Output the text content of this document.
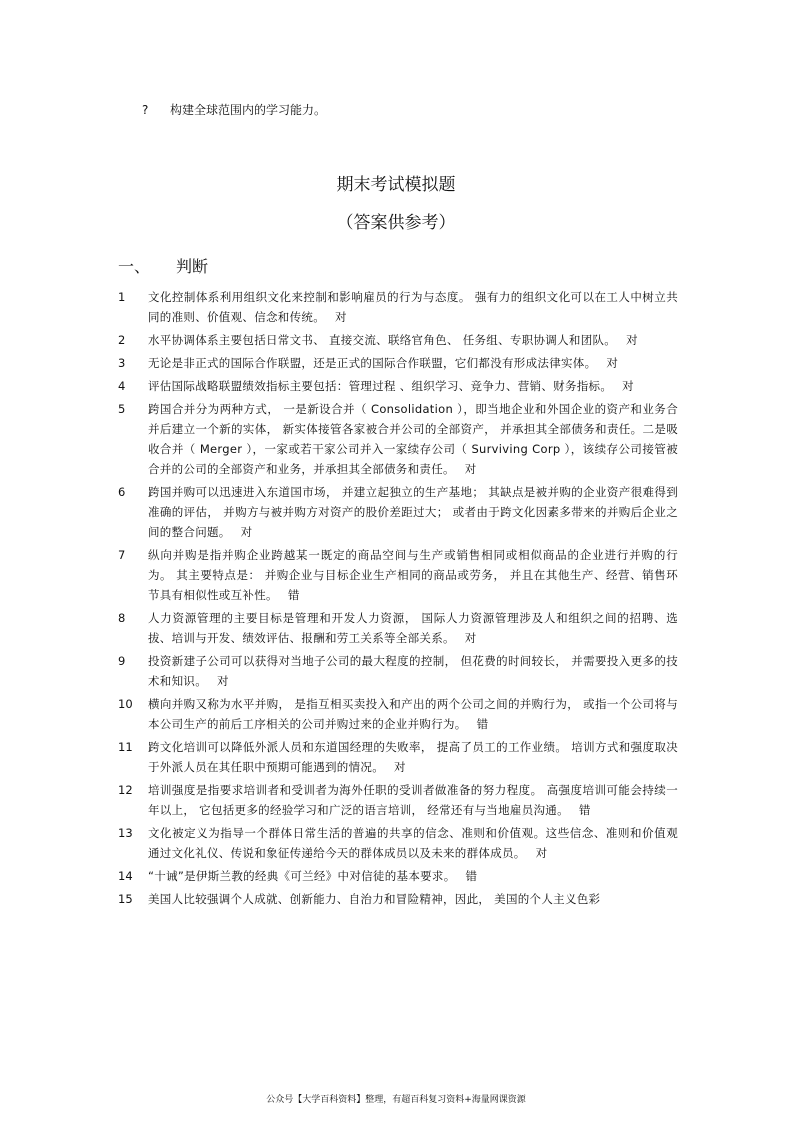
? 构建全球范围内的学习能力。
期末考试模拟题
（答案供参考）
一、 判断
1	文化控制体系利用组织文化来控制和影响雇员的行为与态度。 强有力的组织文化可以在工人中树立共同的准则、价值观、信念和传统。 对
2	水平协调体系主要包括日常文书、 直接交流、联络官角色、 任务组、专职协调人和团队。 对
3	无论是非正式的国际合作联盟，还是正式的国际合作联盟，它们都没有形成法律实体。 对
4	评估国际战略联盟绩效指标主要包括：管理过程 、组织学习、竞争力、营销、财务指标。 对
5	跨国合并分为两种方式， 一是新设合并（ Consolidation ），即当地企业和外国企业的资产和业务合并后建立一个新的实体， 新实体接管各家被合并公司的全部资产， 并承担其全部债务和责任。二是吸收合并（ Merger ），一家或若干家公司并入一家续存公司（ Surviving Corp ），该续存公司接管被合并的公司的全部资产和业务，并承担其全部债务和责任。 对
6	跨国并购可以迅速进入东道国市场， 并建立起独立的生产基地； 其缺点是被并购的企业资产很难得到准确的评估， 并购方与被并购方对资产的股价差距过大； 或者由于跨文化因素多带来的并购后企业之间的整合问题。 对
7	纵向并购是指并购企业跨越某一既定的商品空间与生产或销售相同或相似商品的企业进行并购的行为。 其主要特点是： 并购企业与目标企业生产相同的商品或劳务， 并且在其他生产、经营、销售环节具有相似性或互补性。 错
8	人力资源管理的主要目标是管理和开发人力资源， 国际人力资源管理涉及人和组织之间的招聘、选拔、培训与开发、绩效评估、报酬和劳工关系等全部关系。 对
9	投资新建子公司可以获得对当地子公司的最大程度的控制， 但花费的时间较长， 并需要投入更多的技术和知识。 对
10	横向并购又称为水平并购， 是指互相买卖投入和产出的两个公司之间的并购行为， 或指一个公司将与本公司生产的前后工序相关的公司并购过来的企业并购行为。 错
11	跨文化培训可以降低外派人员和东道国经理的失败率， 提高了员工的工作业绩。 培训方式和强度取决于外派人员在其任职中预期可能遇到的情况。 对
12	培训强度是指要求培训者和受训者为海外任职的受训者做准备的努力程度。 高强度培训可能会持续一年以上， 它包括更多的经验学习和广泛的语言培训， 经常还有与当地雇员沟通。 错
13	文化被定义为指导一个群体日常生活的普遍的共享的信念、准则和价值观。这些信念、准则和价值观通过文化礼仪、传说和象征传递给今天的群体成员以及未来的群体成员。 对
14	“十诫”是伊斯兰教的经典《可兰经》中对信徒的基本要求。 错
15	美国人比较强调个人成就、创新能力、自治力和冒险精神，因此， 美国的个人主义色彩
公众号【大学百科资料】整理，有超百科复习资料+海量网课资源
